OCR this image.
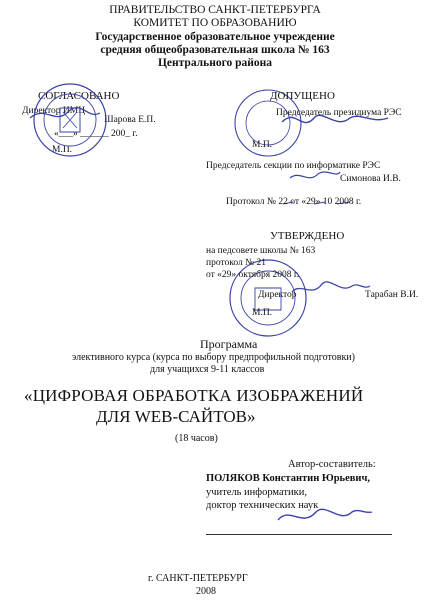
ПРАВИТЕЛЬСТВО САНКТ-ПЕТЕРБУРГА
КОМИТЕТ ПО ОБРАЗОВАНИЮ
Государственное образовательное учреждение
средняя общеобразовательная школа № 163
Центрального района
СОГЛАСОВАНО
Директор ИМЦ
Шарова Е.П.
«___» ______ 200_ г.
М.П.
ДОПУЩЕНО
Председатель президиума РЭС
М.П.
Председатель секции по информатике РЭС
Симонова И.В.
Протокол № 22 от «29» 10 2008 г.
УТВЕРЖДЕНО
на педсовете школы № 163
протокол № 21
от «29» октября 2008 г.
Директор	Тарабан В.И.
М.П.
Программа
элективного курса (курса по выбору предпрофильной подготовки)
для учащихся 9-11 классов
«ЦИФРОВАЯ ОБРАБОТКА ИЗОБРАЖЕНИЙ
ДЛЯ WEB-САЙТОВ»
(18 часов)
Автор-составитель:
ПОЛЯКОВ Константин Юрьевич,
учитель информатики,
доктор технических наук
г. САНКТ-ПЕТЕРБУРГ
2008
